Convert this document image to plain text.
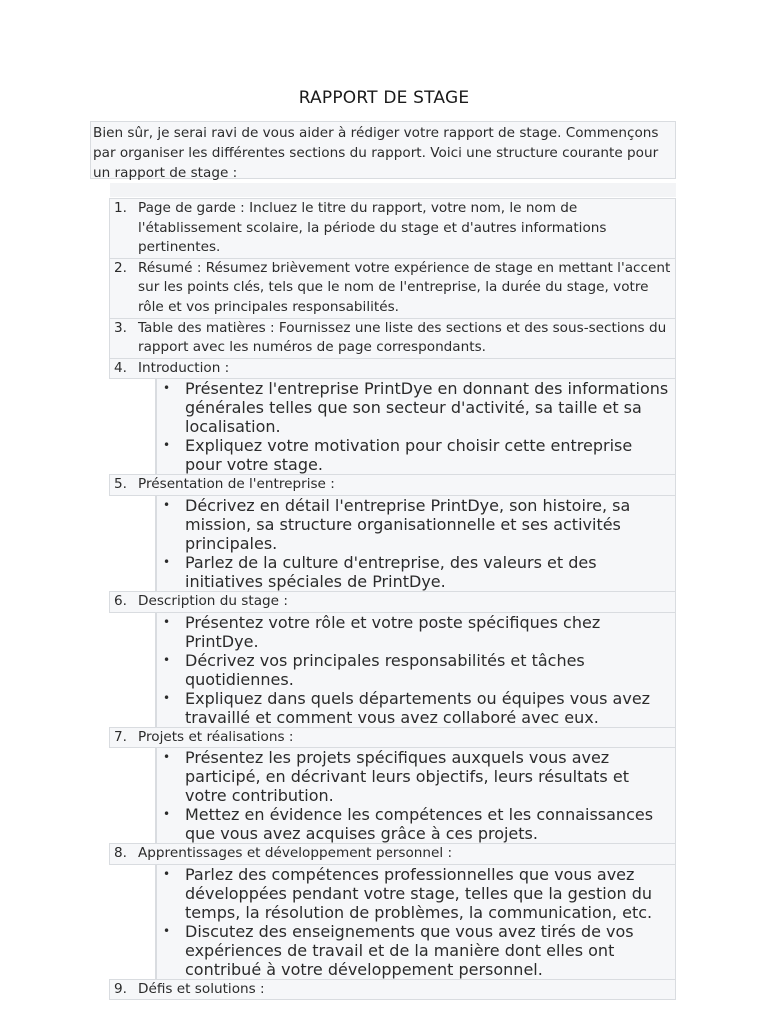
RAPPORT DE STAGE
Bien sûr, je serai ravi de vous aider à rédiger votre rapport de stage. Commençons par organiser les différentes sections du rapport. Voici une structure courante pour un rapport de stage :
1. Page de garde : Incluez le titre du rapport, votre nom, le nom de l'établissement scolaire, la période du stage et d'autres informations pertinentes.
2. Résumé : Résumez brièvement votre expérience de stage en mettant l'accent sur les points clés, tels que le nom de l'entreprise, la durée du stage, votre rôle et vos principales responsabilités.
3. Table des matières : Fournissez une liste des sections et des sous-sections du rapport avec les numéros de page correspondants.
4. Introduction :
• Présentez l'entreprise PrintDye en donnant des informations générales telles que son secteur d'activité, sa taille et sa localisation.
• Expliquez votre motivation pour choisir cette entreprise pour votre stage.
5. Présentation de l'entreprise :
• Décrivez en détail l'entreprise PrintDye, son histoire, sa mission, sa structure organisationnelle et ses activités principales.
• Parlez de la culture d'entreprise, des valeurs et des initiatives spéciales de PrintDye.
6. Description du stage :
• Présentez votre rôle et votre poste spécifiques chez PrintDye.
• Décrivez vos principales responsabilités et tâches quotidiennes.
• Expliquez dans quels départements ou équipes vous avez travaillé et comment vous avez collaboré avec eux.
7. Projets et réalisations :
• Présentez les projets spécifiques auxquels vous avez participé, en décrivant leurs objectifs, leurs résultats et votre contribution.
• Mettez en évidence les compétences et les connaissances que vous avez acquises grâce à ces projets.
8. Apprentissages et développement personnel :
• Parlez des compétences professionnelles que vous avez développées pendant votre stage, telles que la gestion du temps, la résolution de problèmes, la communication, etc.
• Discutez des enseignements que vous avez tirés de vos expériences de travail et de la manière dont elles ont contribué à votre développement personnel.
9. Défis et solutions :
